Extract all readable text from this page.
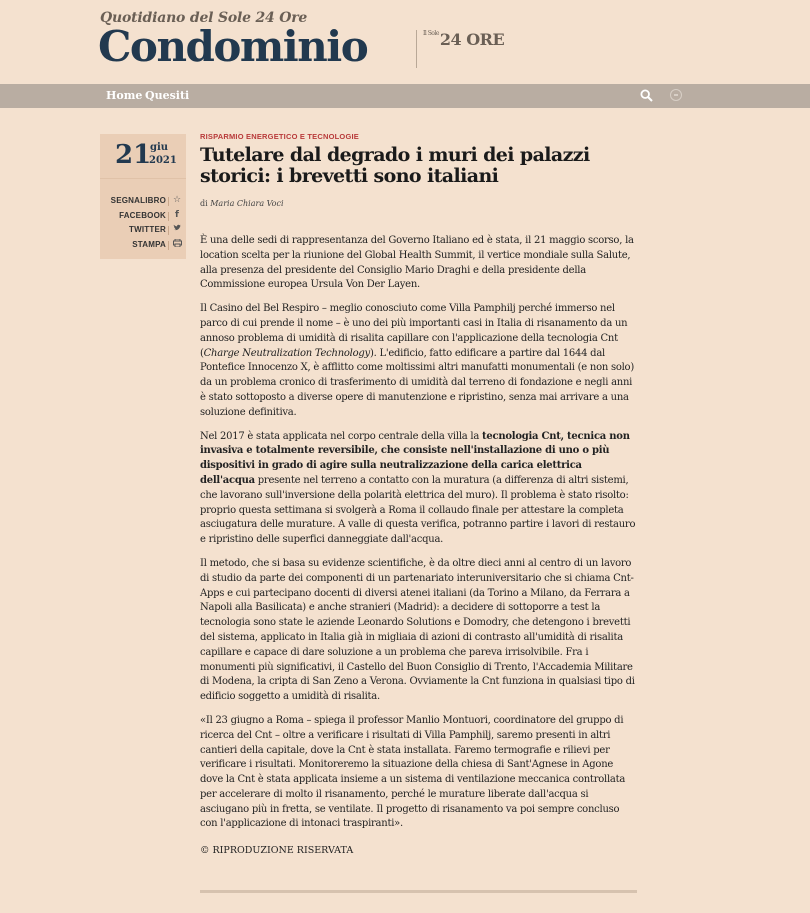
Quotidiano del Sole 24 Ore
Condominio	$^{Il Sole}$24 ORE
Home Quesiti
21
giu
2021
SEGNALIBRO ☆
FACEBOOK	f
TWITTER
STAMPA
RISPARMIO ENERGETICO E TECNOLOGIE
Tutelare dal degrado i muri dei palazzi storici: i brevetti sono italiani
di Maria Chiara Voci

È una delle sedi di rappresentanza del Governo Italiano ed è stata, il 21 maggio scorso, la location scelta per la riunione del Global Health Summit, il vertice mondiale sulla Salute, alla presenza del presidente del Consiglio Mario Draghi e della presidente della Commissione europea Ursula Von Der Layen.

Il Casino del Bel Respiro – meglio conosciuto come Villa Pamphilj perché immerso nel parco di cui prende il nome – è uno dei più importanti casi in Italia di risanamento da un annoso problema di umidità di risalita capillare con l'applicazione della tecnologia Cnt (Charge Neutralization Technology). L'edificio, fatto edificare a partire dal 1644 dal Pontefice Innocenzo X, è afflitto come moltissimi altri manufatti monumentali (e non solo) da un problema cronico di trasferimento di umidità dal terreno di fondazione e negli anni è stato sottoposto a diverse opere di manutenzione e ripristino, senza mai arrivare a una soluzione definitiva.

Nel 2017 è stata applicata nel corpo centrale della villa la tecnologia Cnt, tecnica non invasiva e totalmente reversibile, che consiste nell'installazione di uno o più dispositivi in grado di agire sulla neutralizzazione della carica elettrica dell'acqua presente nel terreno a contatto con la muratura (a differenza di altri sistemi, che lavorano sull'inversione della polarità elettrica del muro). Il problema è stato risolto: proprio questa settimana si svolgerà a Roma il collaudo finale per attestare la completa asciugatura delle murature. A valle di questa verifica, potranno partire i lavori di restauro e ripristino delle superfici danneggiate dall'acqua.

Il metodo, che si basa su evidenze scientifiche, è da oltre dieci anni al centro di un lavoro di studio da parte dei componenti di un partenariato interuniversitario che si chiama Cnt-Apps e cui partecipano docenti di diversi atenei italiani (da Torino a Milano, da Ferrara a Napoli alla Basilicata) e anche stranieri (Madrid): a decidere di sottoporre a test la tecnologia sono state le aziende Leonardo Solutions e Domodry, che detengono i brevetti del sistema, applicato in Italia già in migliaia di azioni di contrasto all'umidità di risalita capillare e capace di dare soluzione a un problema che pareva irrisolvibile. Fra i monumenti più significativi, il Castello del Buon Consiglio di Trento, l'Accademia Militare di Modena, la cripta di San Zeno a Verona. Ovviamente la Cnt funziona in qualsiasi tipo di edificio soggetto a umidità di risalita.

«Il 23 giugno a Roma – spiega il professor Manlio Montuori, coordinatore del gruppo di ricerca del Cnt – oltre a verificare i risultati di Villa Pamphilj, saremo presenti in altri cantieri della capitale, dove la Cnt è stata installata. Faremo termografie e rilievi per verificare i risultati. Monitoreremo la situazione della chiesa di Sant'Agnese in Agone dove la Cnt è stata applicata insieme a un sistema di ventilazione meccanica controllata per accelerare di molto il risanamento, perché le murature liberate dall'acqua si asciugano più in fretta, se ventilate. Il progetto di risanamento va poi sempre concluso con l'applicazione di intonaci traspiranti».

© RIPRODUZIONE RISERVATA
